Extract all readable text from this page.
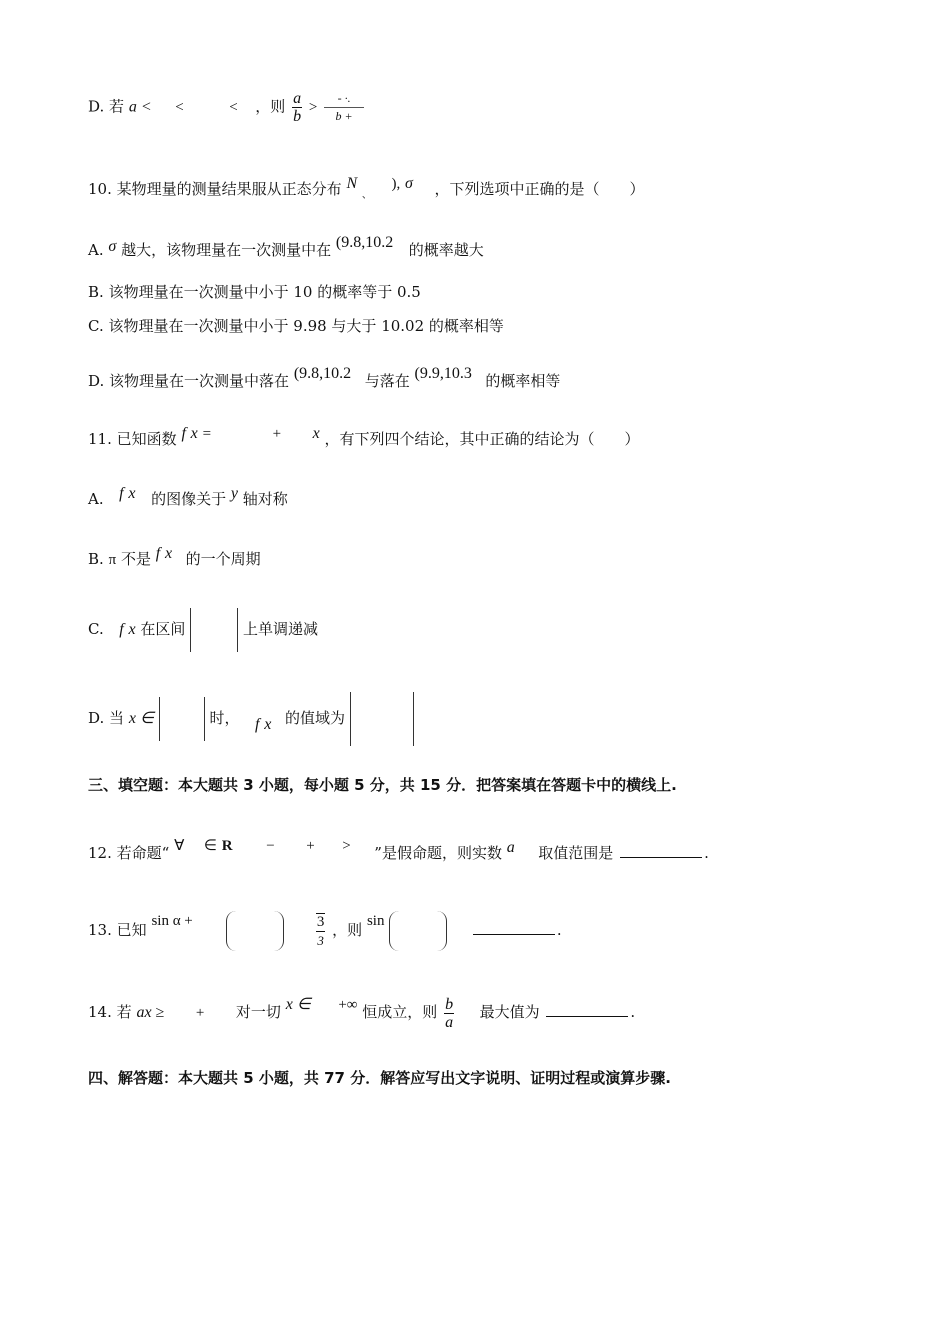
D. 若 a < <	< ，则 $\frac{a}{b} > \frac{- \cdot.}{b +}$
10. 某物理量的测量结果服从正态分布 N $_、$  ), σ ，下列选项中正确的是（　　）
A. σ 越大，该物理量在一次测量中在 (9.8,10.2 的概率越大
B. 该物理量在一次测量中小于 10 的概率等于 0.5
C. 该物理量在一次测量中小于 9.98 与大于 10.02 的概率相等
D. 该物理量在一次测量中落在 (9.8,10.2 与落在 (9.9,10.3 的概率相等
11. 已知函数 f x =	+ x ，有下列四个结论，其中正确的结论为（　　）
A. f x 的图像关于 y 轴对称
B. π 不是 f x 的一个周期
C. f x 在区间	上单调递减
D. 当 x ∈	时， f x 的值域为
三、填空题：本大题共 3 小题，每小题 5 分，共 15 分．把答案填在答题卡中的横线上.
12. 若命题“ ∀ ∈ R − + > ”是假命题，则实数 a 取值范围是	.
13. 已知 sin α +	$\frac{3}{3}$ ，则 sin	.
14. 若 ax ≥ + 对一切 x ∈ +∞ 恒成立，则 $\frac{b}{a}$ 最大值为	.
四、解答题：本大题共 5 小题，共 77 分．解答应写出文字说明、证明过程或演算步骤.
